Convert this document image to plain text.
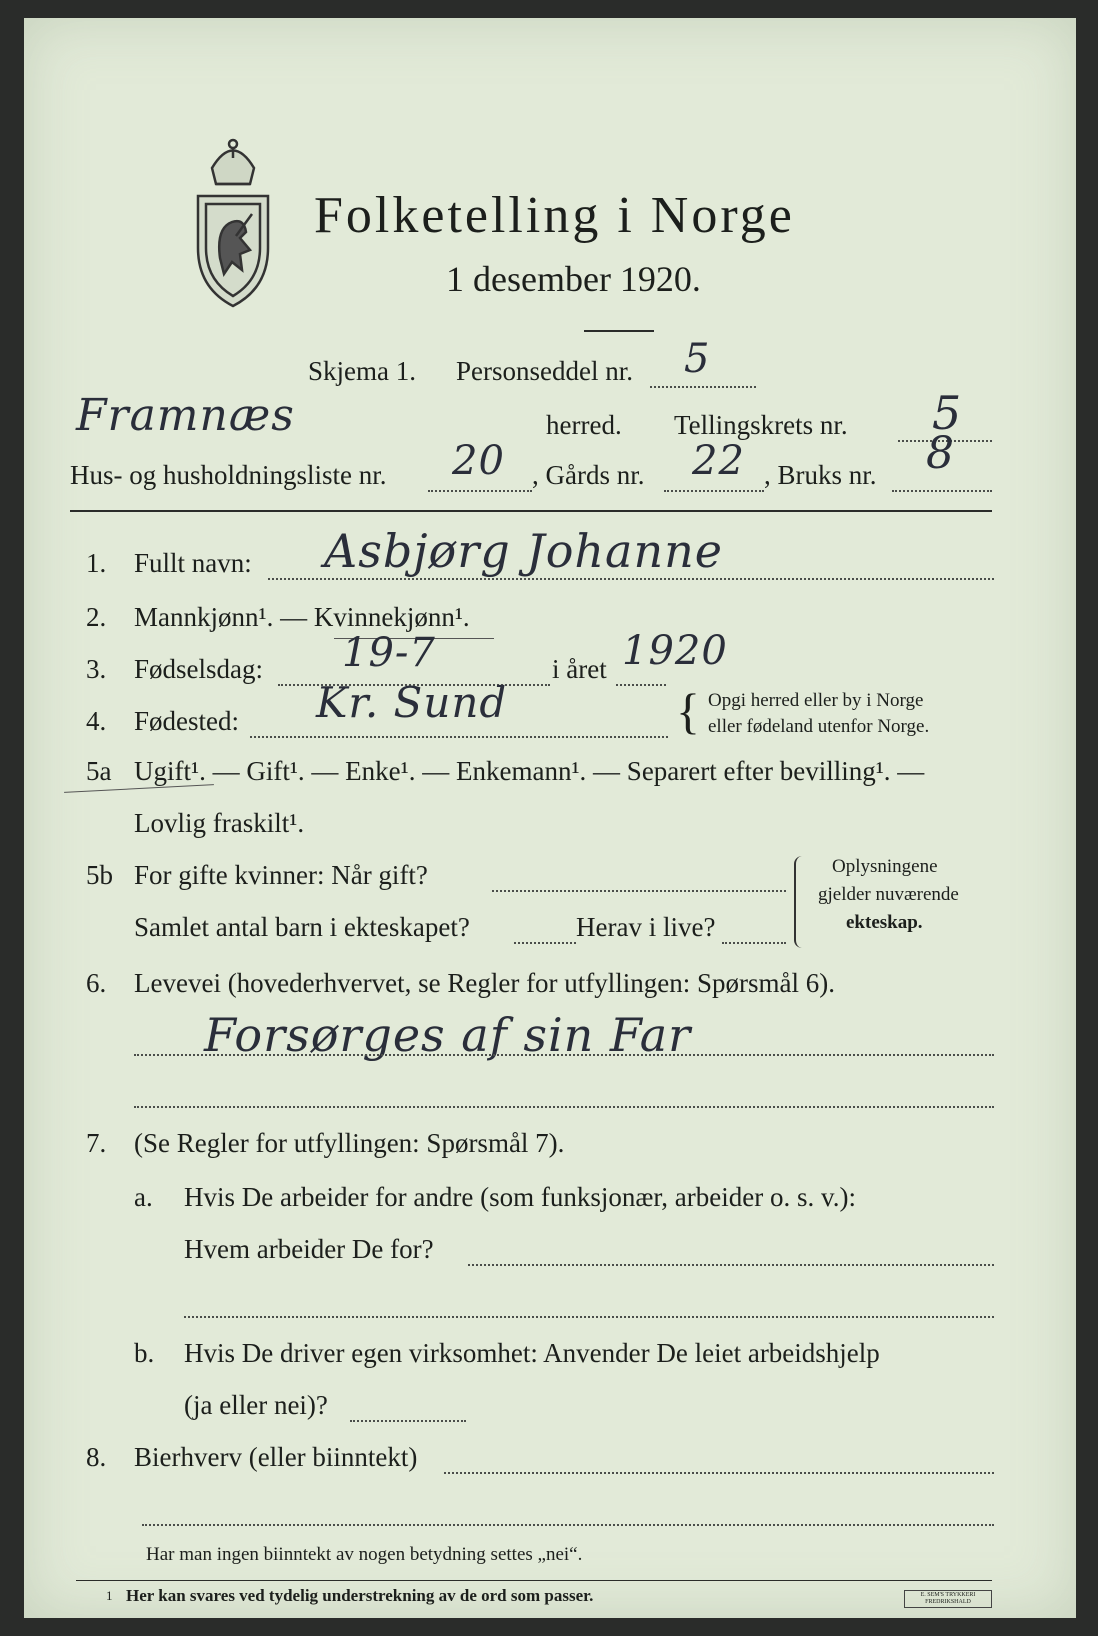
Folketelling i Norge
1 desember 1920.
Skjema 1. Personseddel nr. 5
Framnæs	herred. Tellingskrets nr. 5
Hus- og husholdningsliste nr. 20 , Gårds nr. 22 , Bruks nr. 8
1. Fullt navn: Asbjørg Johanne
2. Mannkjønn¹. — Kvinnekjønn¹.
3. Fødselsdag: 19-7	i året 1920
4. Fødested: Kr. Sund	{ Opgi herred eller by i Norge
eller fødeland utenfor Norge.
5a Ugift¹. — Gift¹. — Enke¹. — Enkemann¹. — Separert efter bevilling¹. —
Lovlig fraskilt¹.
5b For gifte kvinner: Når gift?
Samlet antal barn i ekteskapet?	Herav i live?
Oplysningene
gjelder nuværende
ekteskap.
6. Levevei (hovederhvervet, se Regler for utfyllingen: Spørsmål 6).
Forsørges af sin Far
7. (Se Regler for utfyllingen: Spørsmål 7).
a. Hvis De arbeider for andre (som funksjonær, arbeider o. s. v.):
Hvem arbeider De for?
b. Hvis De driver egen virksomhet: Anvender De leiet arbeidshjelp
(ja eller nei)?
8. Bierhverv (eller biinntekt)
Har man ingen biinntekt av nogen betydning settes „nei“.
1 Her kan svares ved tydelig understrekning av de ord som passer.	E. SEM'S TRYKKERI FREDRIKSHALD
